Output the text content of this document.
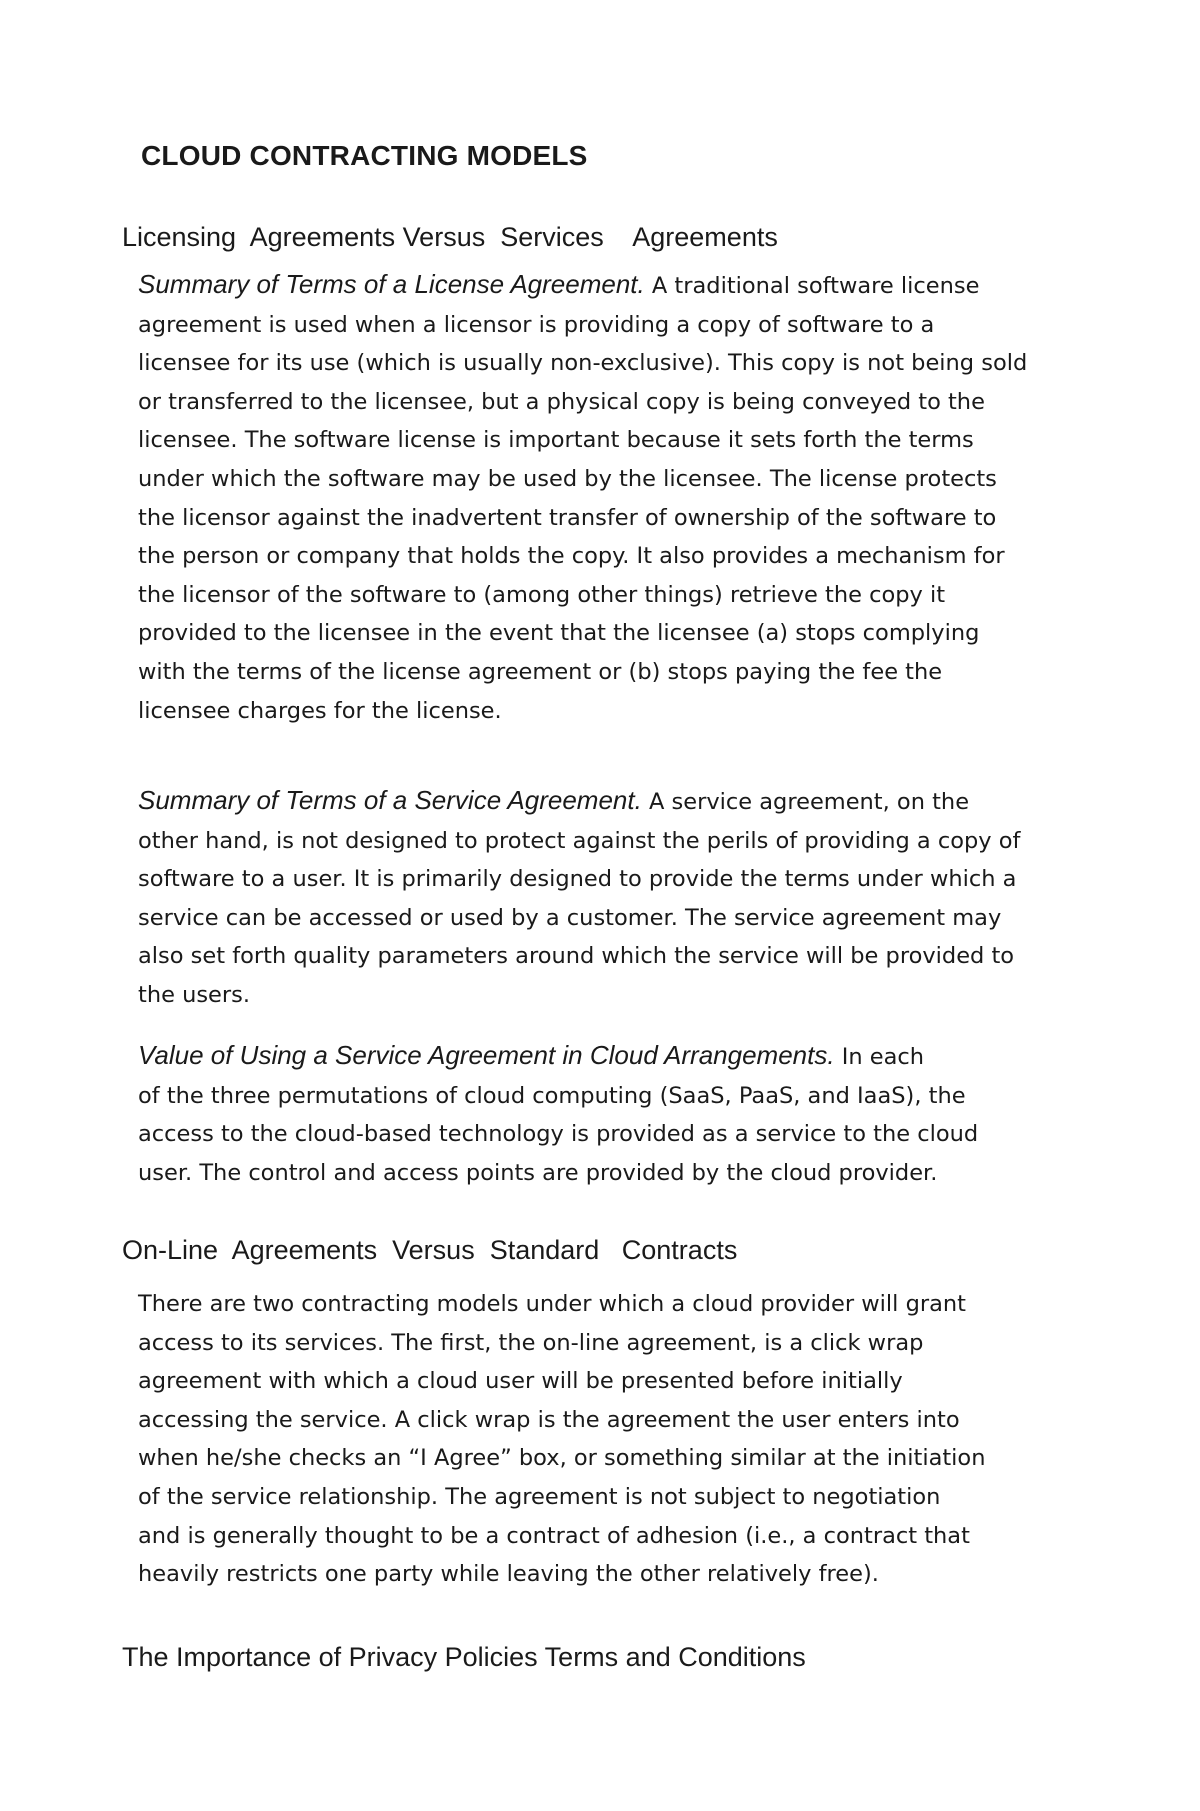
CLOUD CONTRACTING MODELS
Licensing  Agreements Versus  Services    Agreements

Summary of Terms of a License Agreement. A traditional software license
agreement is used when a licensor is providing a copy of software to a
licensee for its use (which is usually non-exclusive). This copy is not being sold
or transferred to the licensee, but a physical copy is being conveyed to the
licensee. The software license is important because it sets forth the terms
under which the software may be used by the licensee. The license protects
the licensor against the inadvertent transfer of ownership of the software to
the person or company that holds the copy. It also provides a mechanism for
the licensor of the software to (among other things) retrieve the copy it
provided to the licensee in the event that the licensee (a) stops complying
with the terms of the license agreement or (b) stops paying the fee the
licensee charges for the license.

Summary of Terms of a Service Agreement. A service agreement, on the
other hand, is not designed to protect against the perils of providing a copy of
software to a user. It is primarily designed to provide the terms under which a
service can be accessed or used by a customer. The service agreement may
also set forth quality parameters around which the service will be provided to
the users.

Value of Using a Service Agreement in Cloud Arrangements. In each
of the three permutations of cloud computing (SaaS, PaaS, and IaaS), the
access to the cloud-based technology is provided as a service to the cloud
user. The control and access points are provided by the cloud provider.

On-Line  Agreements  Versus  Standard   Contracts

There are two contracting models under which a cloud provider will grant
access to its services. The first, the on-line agreement, is a click wrap
agreement with which a cloud user will be presented before initially
accessing the service. A click wrap is the agreement the user enters into
when he/she checks an “I Agree” box, or something similar at the initiation
of the service relationship. The agreement is not subject to negotiation
and is generally thought to be a contract of adhesion (i.e., a contract that
heavily restricts one party while leaving the other relatively free).

The Importance of Privacy Policies Terms and Conditions
